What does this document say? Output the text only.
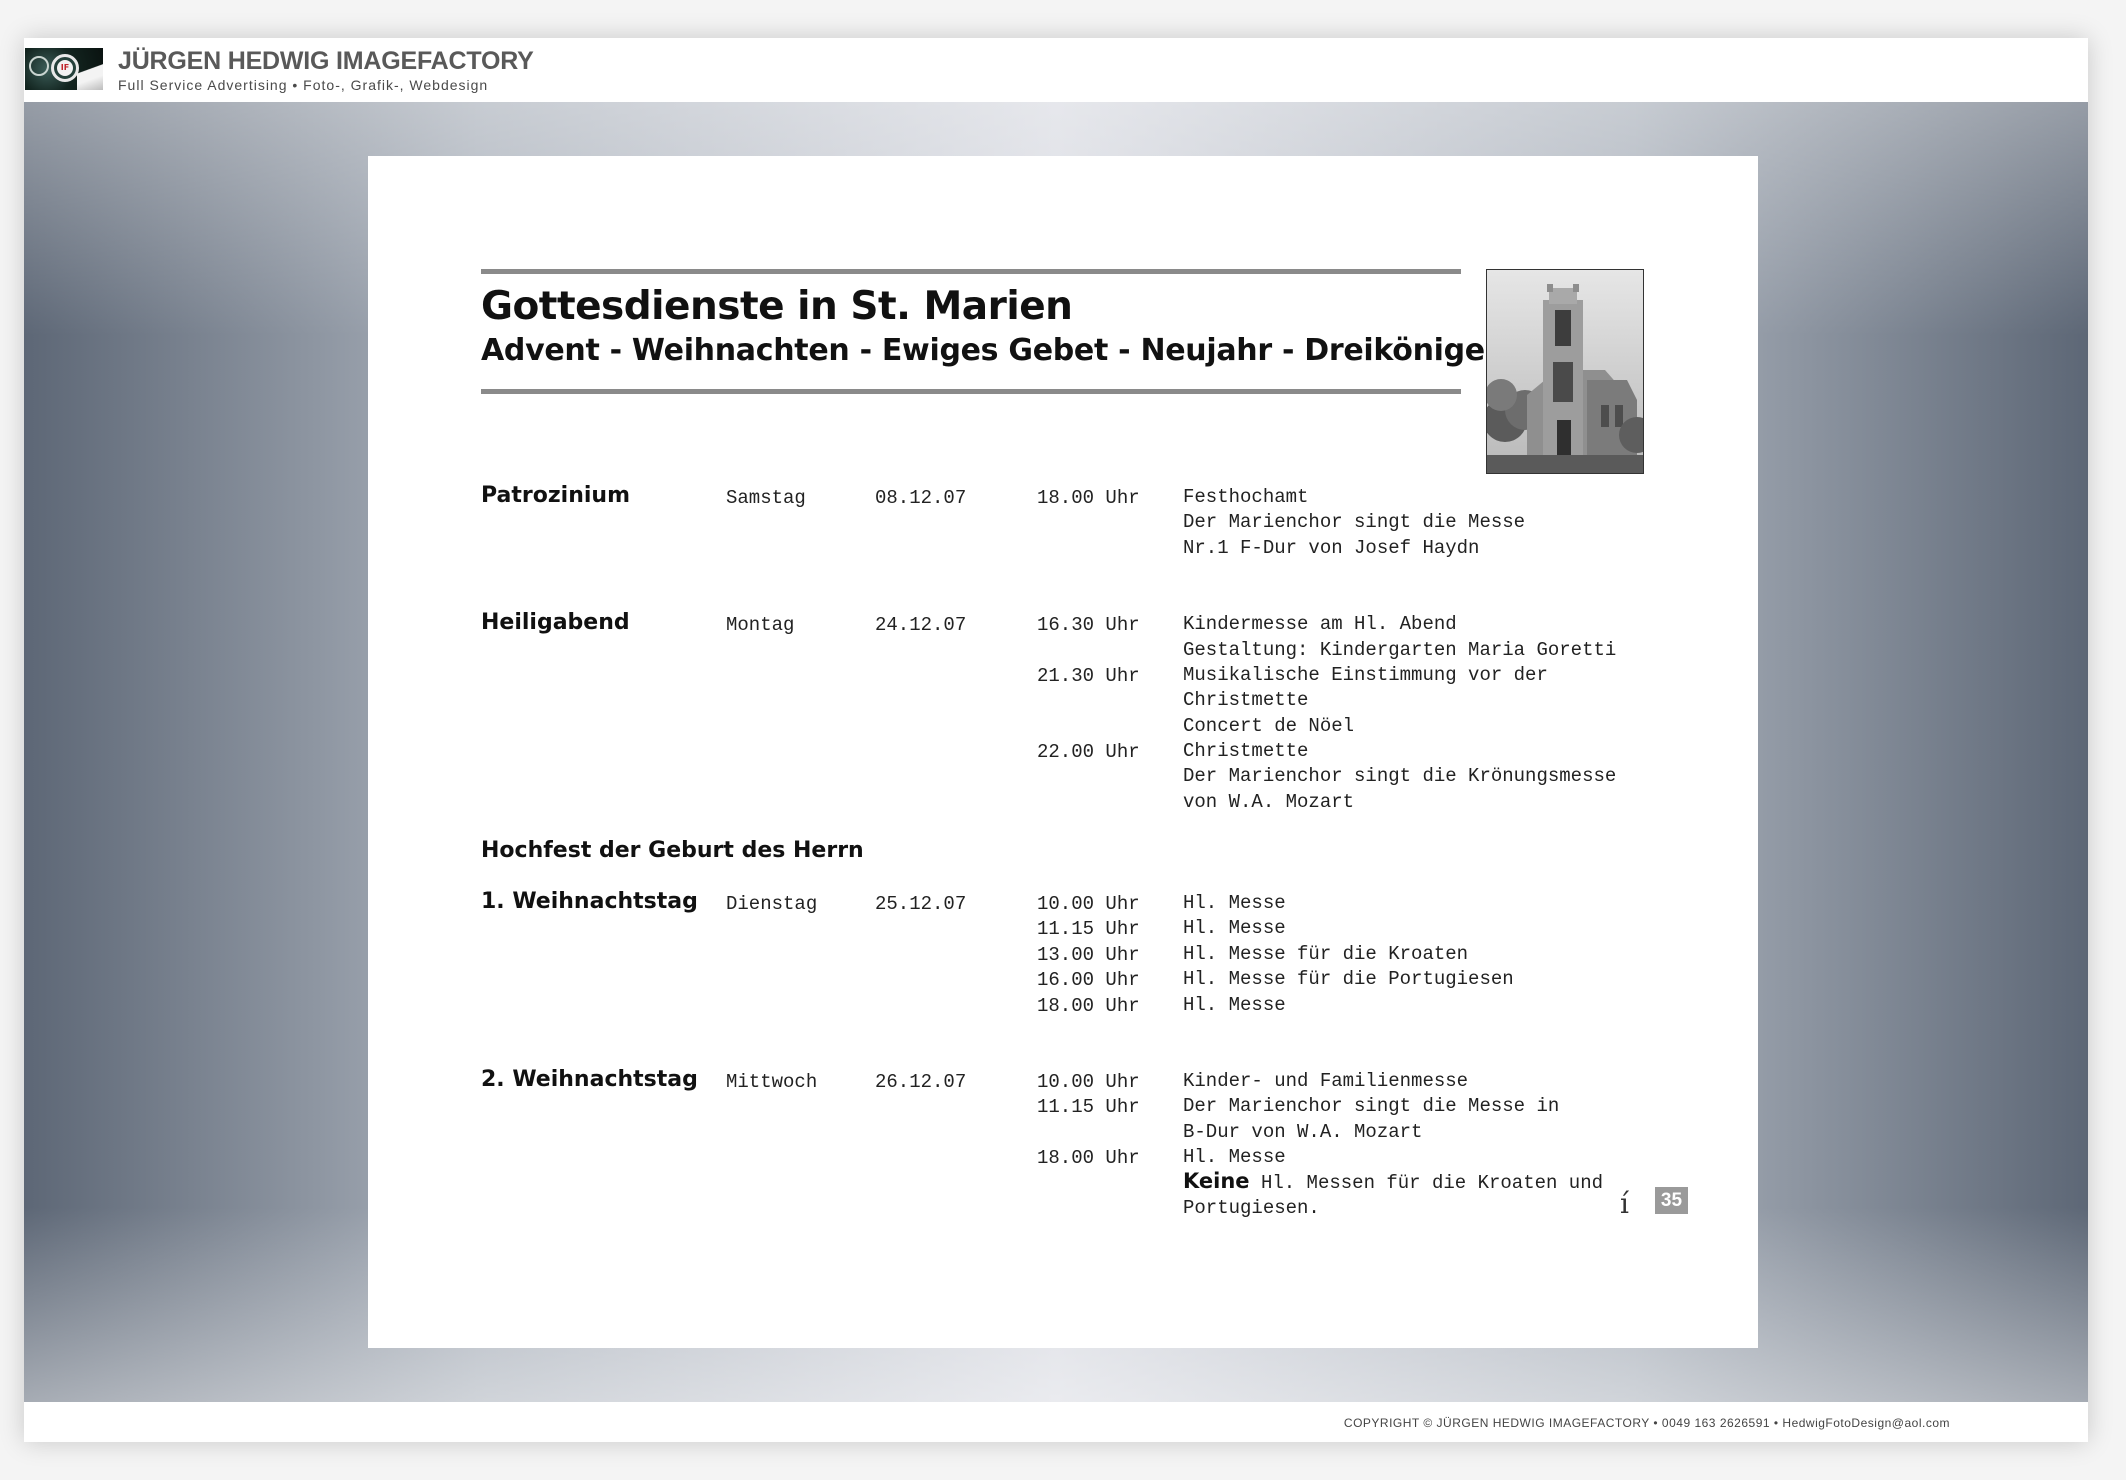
IF JÜRGEN HEDWIG IMAGEFACTORY
Full Service Advertising • Foto-, Grafik-, Webdesign
Gottesdienste in St. Marien
Advent - Weihnachten - Ewiges Gebet - Neujahr - Dreikönige
Patrozinium	Samstag	08.12.07	18.00 Uhr Festhochamt
Der Marienchor singt die Messe
Nr.1 F-Dur von Josef Haydn
Heiligabend	Montag	24.12.07	16.30 Uhr Kindermesse am Hl. Abend
Gestaltung: Kindergarten Maria Goretti
21.30 Uhr Musikalische Einstimmung vor der
Christmette
Concert de Nöel
22.00 Uhr Christmette
Der Marienchor singt die Krönungsmesse
von W.A. Mozart
Hochfest der Geburt des Herrn
1. Weihnachtstag Dienstag	25.12.07	10.00 Uhr Hl. Messe
11.15 Uhr Hl. Messe
13.00 Uhr Hl. Messe für die Kroaten
16.00 Uhr Hl. Messe für die Portugiesen
18.00 Uhr Hl. Messe
2. Weihnachtstag Mittwoch	26.12.07	10.00 Uhr Kinder- und Familienmesse
11.15 Uhr Der Marienchor singt die Messe in
B-Dur von W.A. Mozart
18.00 Uhr Hl. Messe
Keine Hl. Messen für die Kroaten und
Portugiesen.	í	35
COPYRIGHT © JÜRGEN HEDWIG IMAGEFACTORY • 0049 163 2626591 • HedwigFotoDesign@aol.com
